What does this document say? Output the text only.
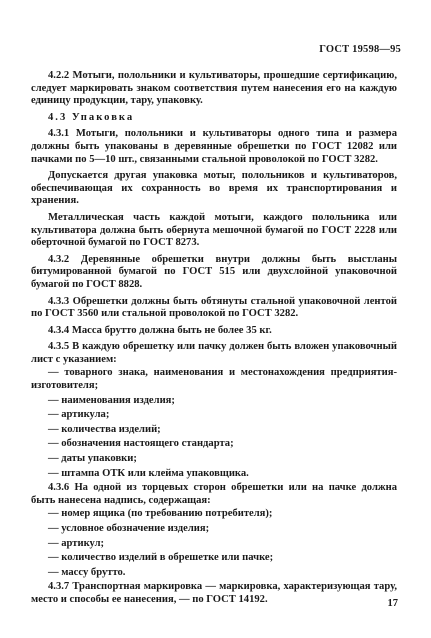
ГОСТ 19598—95

4.2.2 Мотыги, полольники и культиваторы, прошедшие сертификацию, следует маркировать знаком соответствия путем нанесения его на каждую единицу продукции, тару, упаковку.

4.3 Упаковка

4.3.1 Мотыги, полольники и культиваторы одного типа и размера должны быть упакованы в деревянные обрешетки по ГОСТ 12082 или пачками по 5—10 шт., связанными стальной проволокой по ГОСТ 3282.

Допускается другая упаковка мотыг, полольников и культиваторов, обеспечивающая их сохранность во время их транспортирования и хранения.

Металлическая часть каждой мотыги, каждого полольника или культиватора должна быть обернута мешочной бумагой по ГОСТ 2228 или оберточной бумагой по ГОСТ 8273.

4.3.2 Деревянные обрешетки внутри должны быть выстланы битумированной бумагой по ГОСТ 515 или двухслойной упаковочной бумагой по ГОСТ 8828.

4.3.3 Обрешетки должны быть обтянуты стальной упаковочной лентой по ГОСТ 3560 или стальной проволокой по ГОСТ 3282.

4.3.4 Масса брутто должна быть не более 35 кг.

4.3.5 В каждую обрешетку или пачку должен быть вложен упаковочный лист с указанием:

— товарного знака, наименования и местонахождения предприятия-изготовителя;

— наименования изделия;

— артикула;

— количества изделий;

— обозначения настоящего стандарта;

— даты упаковки;

— штампа ОТК или клейма упаковщика.

4.3.6 На одной из торцевых сторон обрешетки или на пачке должна быть нанесена надпись, содержащая:

— номер ящика (по требованию потребителя);

— условное обозначение изделия;

— артикул;

— количество изделий в обрешетке или пачке;

— массу брутто.

4.3.7 Транспортная маркировка — маркировка, характеризующая тару, место и способы ее нанесения, — по ГОСТ 14192.	17
